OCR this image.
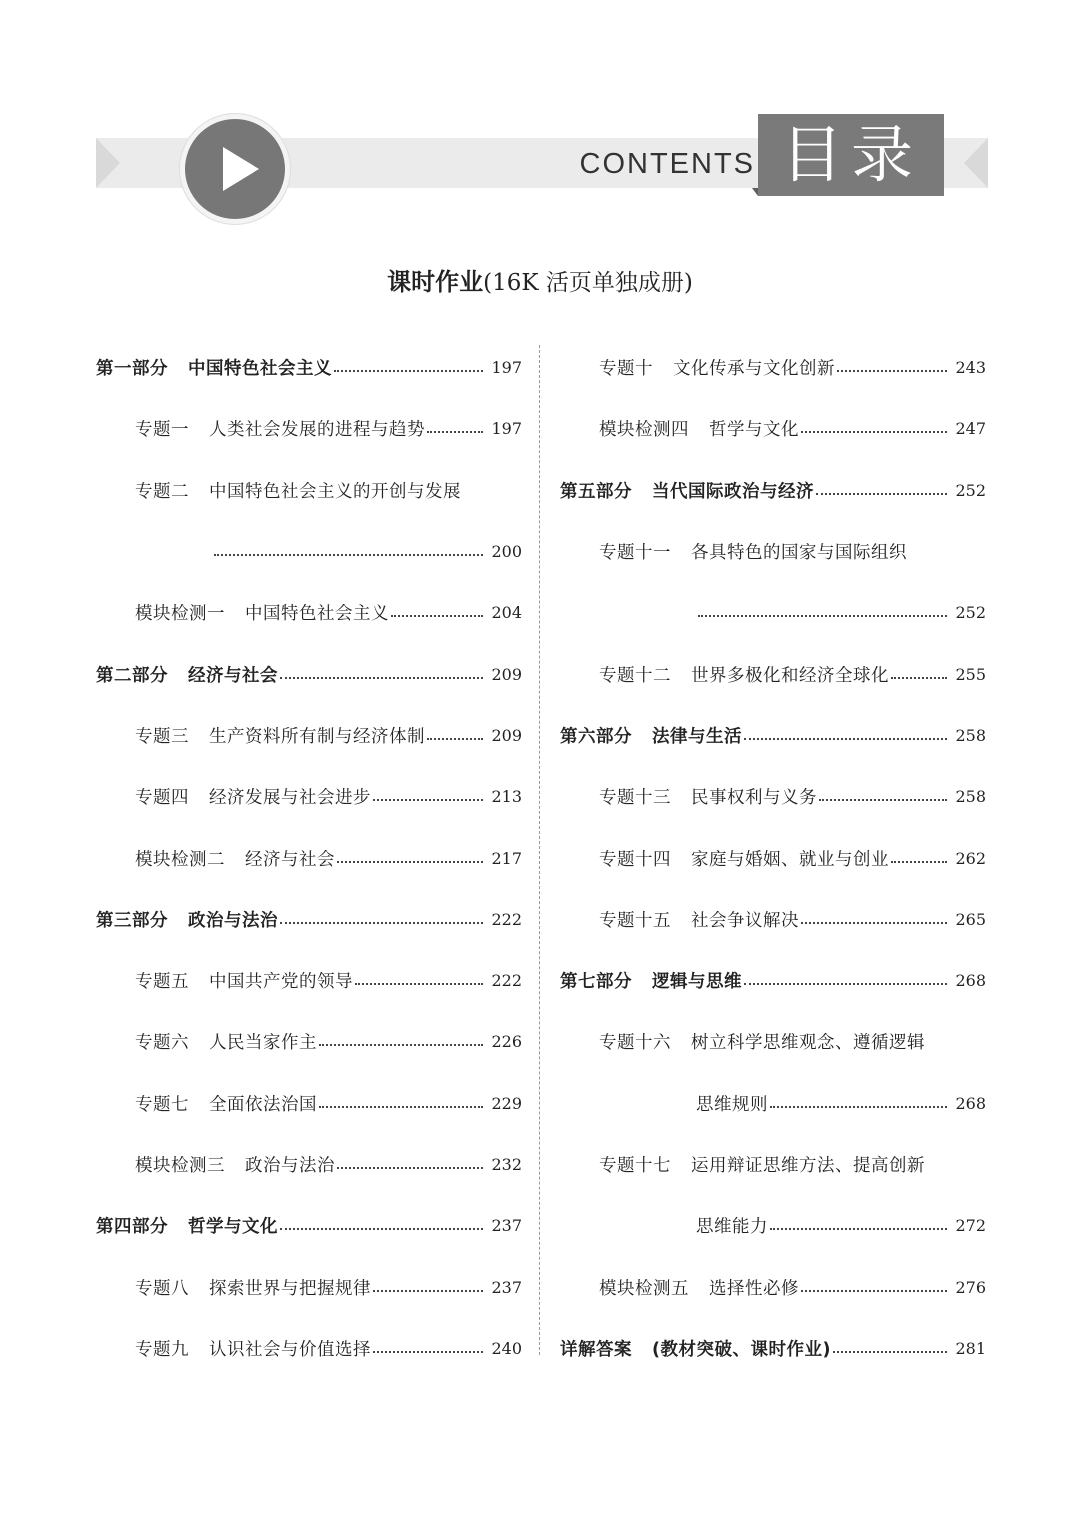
CONTENTS 目录
课时作业(16K 活页单独成册)
第一部分 中国特色社会主义	197
专题一 人类社会发展的进程与趋势	197
专题二 中国特色社会主义的开创与发展
200
模块检测一 中国特色社会主义	204
第二部分 经济与社会	209
专题三 生产资料所有制与经济体制	209
专题四 经济发展与社会进步	213
模块检测二 经济与社会	217
第三部分 政治与法治	222
专题五 中国共产党的领导	222
专题六 人民当家作主	226
专题七 全面依法治国	229
模块检测三 政治与法治	232
第四部分 哲学与文化	237
专题八 探索世界与把握规律	237
专题九 认识社会与价值选择	240
专题十 文化传承与文化创新	243
模块检测四 哲学与文化	247
第五部分 当代国际政治与经济	252
专题十一 各具特色的国家与国际组织
252
专题十二 世界多极化和经济全球化	255
第六部分 法律与生活	258
专题十三 民事权利与义务	258
专题十四 家庭与婚姻、就业与创业	262
专题十五 社会争议解决	265
第七部分 逻辑与思维	268
专题十六 树立科学思维观念、遵循逻辑
思维规则	268
专题十七 运用辩证思维方法、提高创新
思维能力	272
模块检测五 选择性必修	276
详解答案 (教材突破、课时作业)	281
